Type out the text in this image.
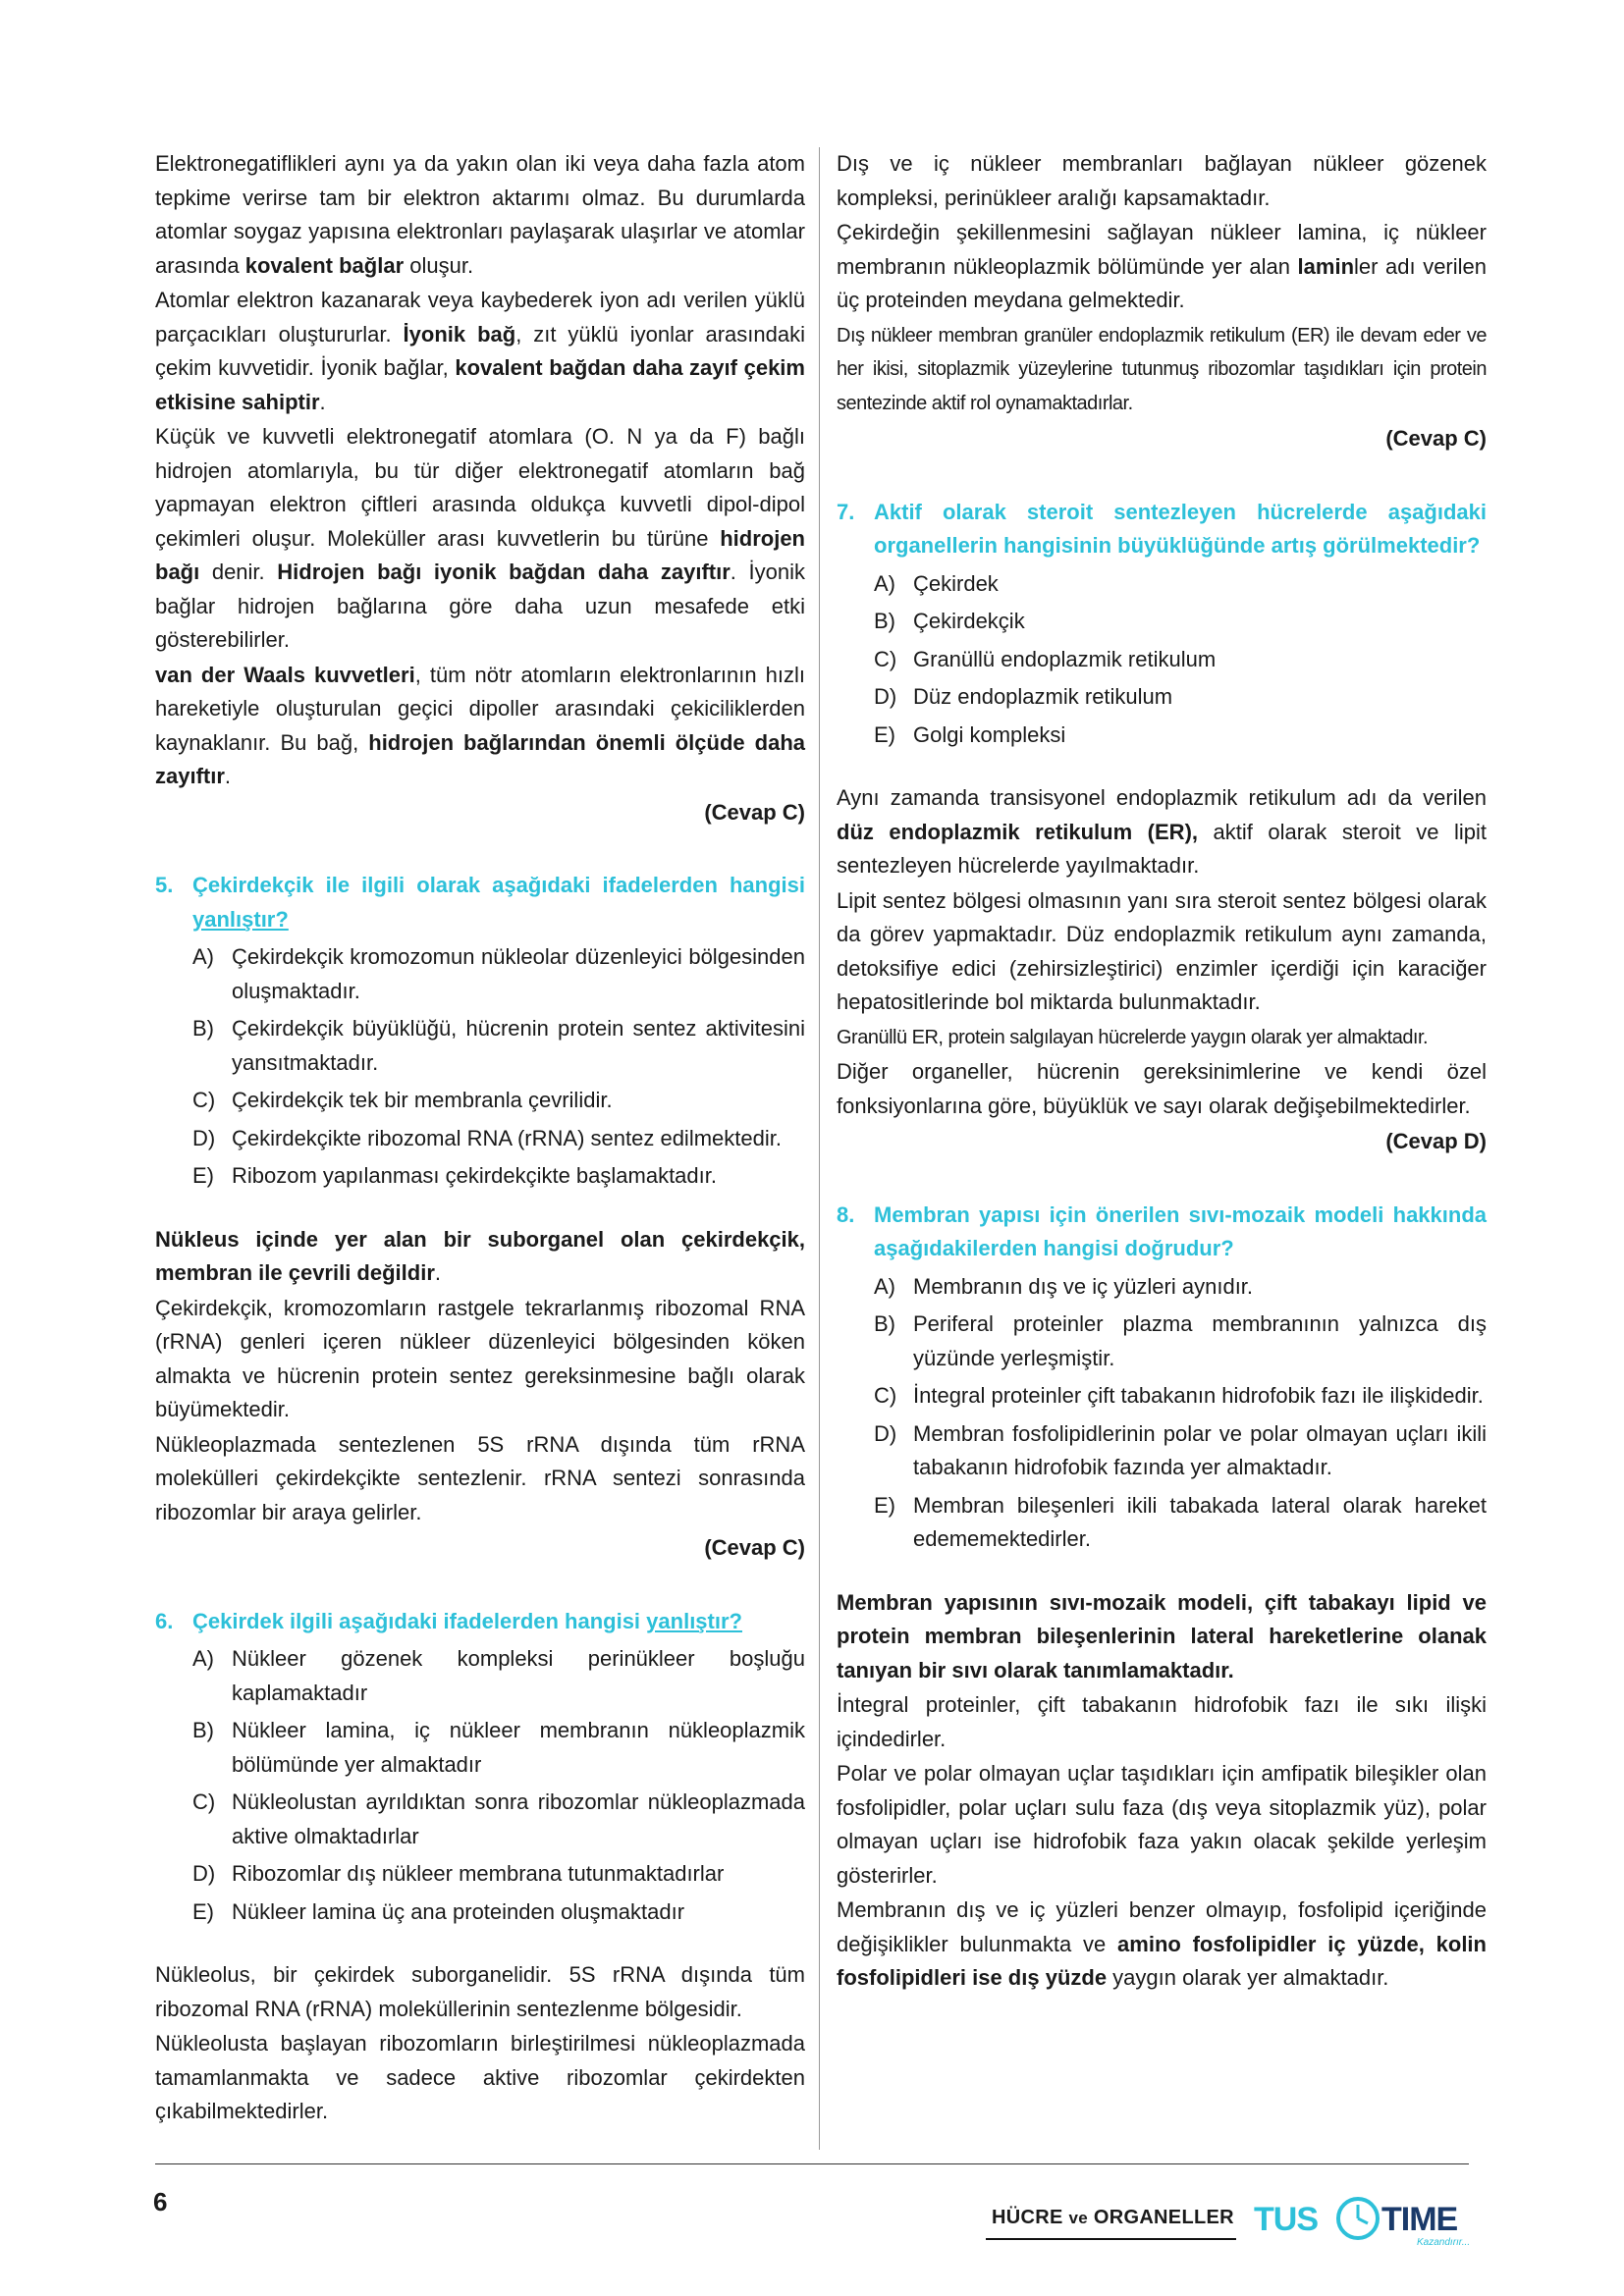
Elektronegatiflikleri aynı ya da yakın olan iki veya daha fazla atom tepkime verirse tam bir elektron aktarımı olmaz. Bu durumlarda atomlar soygaz yapısına elektronları paylaşarak ulaşırlar ve atomlar arasında kovalent bağlar oluşur.

Atomlar elektron kazanarak veya kaybederek iyon adı verilen yüklü parçacıkları oluştururlar. İyonik bağ, zıt yüklü iyonlar arasındaki çekim kuvvetidir. İyonik bağlar, kovalent bağdan daha zayıf çekim etkisine sahiptir.

Küçük ve kuvvetli elektronegatif atomlara (O. N ya da F) bağlı hidrojen atomlarıyla, bu tür diğer elektronegatif atomların bağ yapmayan elektron çiftleri arasında oldukça kuvvetli dipol-dipol çekimleri oluşur. Moleküller arası kuvvetlerin bu türüne hidrojen bağı denir. Hidrojen bağı iyonik bağdan daha zayıftır. İyonik bağlar hidrojen bağlarına göre daha uzun mesafede etki gösterebilirler.

van der Waals kuvvetleri, tüm nötr atomların elektronlarının hızlı hareketiyle oluşturulan geçici dipoller arasındaki çekiciliklerden kaynaklanır. Bu bağ, hidrojen bağlarından önemli ölçüde daha zayıftır.

(Cevap C)

5. Çekirdekçik ile ilgili olarak aşağıdaki ifadelerden hangisi yanlıştır?
A) Çekirdekçik kromozomun nükleolar düzenleyici bölgesinden oluşmaktadır.
B) Çekirdekçik büyüklüğü, hücrenin protein sentez aktivitesini yansıtmaktadır.
C) Çekirdekçik tek bir membranla çevrilidir.
D) Çekirdekçikte ribozomal RNA (rRNA) sentez edilmektedir.
E) Ribozom yapılanması çekirdekçikte başlamaktadır.

Nükleus içinde yer alan bir suborganel olan çekirdekçik, membran ile çevrili değildir.

Çekirdekçik, kromozomların rastgele tekrarlanmış ribozomal RNA (rRNA) genleri içeren nükleer düzenleyici bölgesinden köken almakta ve hücrenin protein sentez gereksinmesine bağlı olarak büyümektedir.

Nükleoplazmada sentezlenen 5S rRNA dışında tüm rRNA molekülleri çekirdekçikte sentezlenir. rRNA sentezi sonrasında ribozomlar bir araya gelirler.

(Cevap C)

6. Çekirdek ilgili aşağıdaki ifadelerden hangisi yanlıştır?
A) Nükleer gözenek kompleksi perinükleer boşluğu kaplamaktadır
B) Nükleer lamina, iç nükleer membranın nükleoplazmik bölümünde yer almaktadır
C) Nükleolustan ayrıldıktan sonra ribozomlar nükleoplazmada aktive olmaktadırlar
D) Ribozomlar dış nükleer membrana tutunmaktadırlar
E) Nükleer lamina üç ana proteinden oluşmaktadır

Nükleolus, bir çekirdek suborganelidir. 5S rRNA dışında tüm ribozomal RNA (rRNA) moleküllerinin sentezlenme bölgesidir.

Nükleolusta başlayan ribozomların birleştirilmesi nükleoplazmada tamamlanmakta ve sadece aktive ribozomlar çekirdekten çıkabilmektedirler.

Dış ve iç nükleer membranları bağlayan nükleer gözenek kompleksi, perinükleer aralığı kapsamaktadır.

Çekirdeğin şekillenmesini sağlayan nükleer lamina, iç nükleer membranın nükleoplazmik bölümünde yer alan laminler adı verilen üç proteinden meydana gelmektedir.

Dış nükleer membran granüler endoplazmik retikulum (ER) ile devam eder ve her ikisi, sitoplazmik yüzeylerine tutunmuş ribozomlar taşıdıkları için protein sentezinde aktif rol oynamaktadırlar.

(Cevap C)

7. Aktif olarak steroit sentezleyen hücrelerde aşağıdaki organellerin hangisinin büyüklüğünde artış görülmektedir?
A) Çekirdek
B) Çekirdekçik
C) Granüllü endoplazmik retikulum
D) Düz endoplazmik retikulum
E) Golgi kompleksi

Aynı zamanda transisyonel endoplazmik retikulum adı da verilen düz endoplazmik retikulum (ER), aktif olarak steroit ve lipit sentezleyen hücrelerde yayılmaktadır.

Lipit sentez bölgesi olmasının yanı sıra steroit sentez bölgesi olarak da görev yapmaktadır. Düz endoplazmik retikulum aynı zamanda, detoksifiye edici (zehirsizleştirici) enzimler içerdiği için karaciğer hepatositlerinde bol miktarda bulunmaktadır.

Granüllü ER, protein salgılayan hücrelerde yaygın olarak yer almaktadır.

Diğer organeller, hücrenin gereksinimlerine ve kendi özel fonksiyonlarına göre, büyüklük ve sayı olarak değişebilmektedirler.

(Cevap D)

8. Membran yapısı için önerilen sıvı-mozaik modeli hakkında aşağıdakilerden hangisi doğrudur?
A) Membranın dış ve iç yüzleri aynıdır.
B) Periferal proteinler plazma membranının yalnızca dış yüzünde yerleşmiştir.
C) İntegral proteinler çift tabakanın hidrofobik fazı ile ilişkidedir.
D) Membran fosfolipidlerinin polar ve polar olmayan uçları ikili tabakanın hidrofobik fazında yer almaktadır.
E) Membran bileşenleri ikili tabakada lateral olarak hareket edememektedirler.

Membran yapısının sıvı-mozaik modeli, çift tabakayı lipid ve protein membran bileşenlerinin lateral hareketlerine olanak tanıyan bir sıvı olarak tanımlamaktadır.

İntegral proteinler, çift tabakanın hidrofobik fazı ile sıkı ilişki içindedirler.

Polar ve polar olmayan uçlar taşıdıkları için amfipatik bileşikler olan fosfolipidler, polar uçları sulu faza (dış veya sitoplazmik yüz), polar olmayan uçları ise hidrofobik faza yakın olacak şekilde yerleşim gösterirler.

Membranın dış ve iç yüzleri benzer olmayıp, fosfolipid içeriğinde değişiklikler bulunmakta ve amino fosfolipidler iç yüzde, kolin fosfolipidleri ise dış yüzde yaygın olarak yer almaktadır.

6
HÜCRE ve ORGANELLER TUS TIME
Kazandırır...
